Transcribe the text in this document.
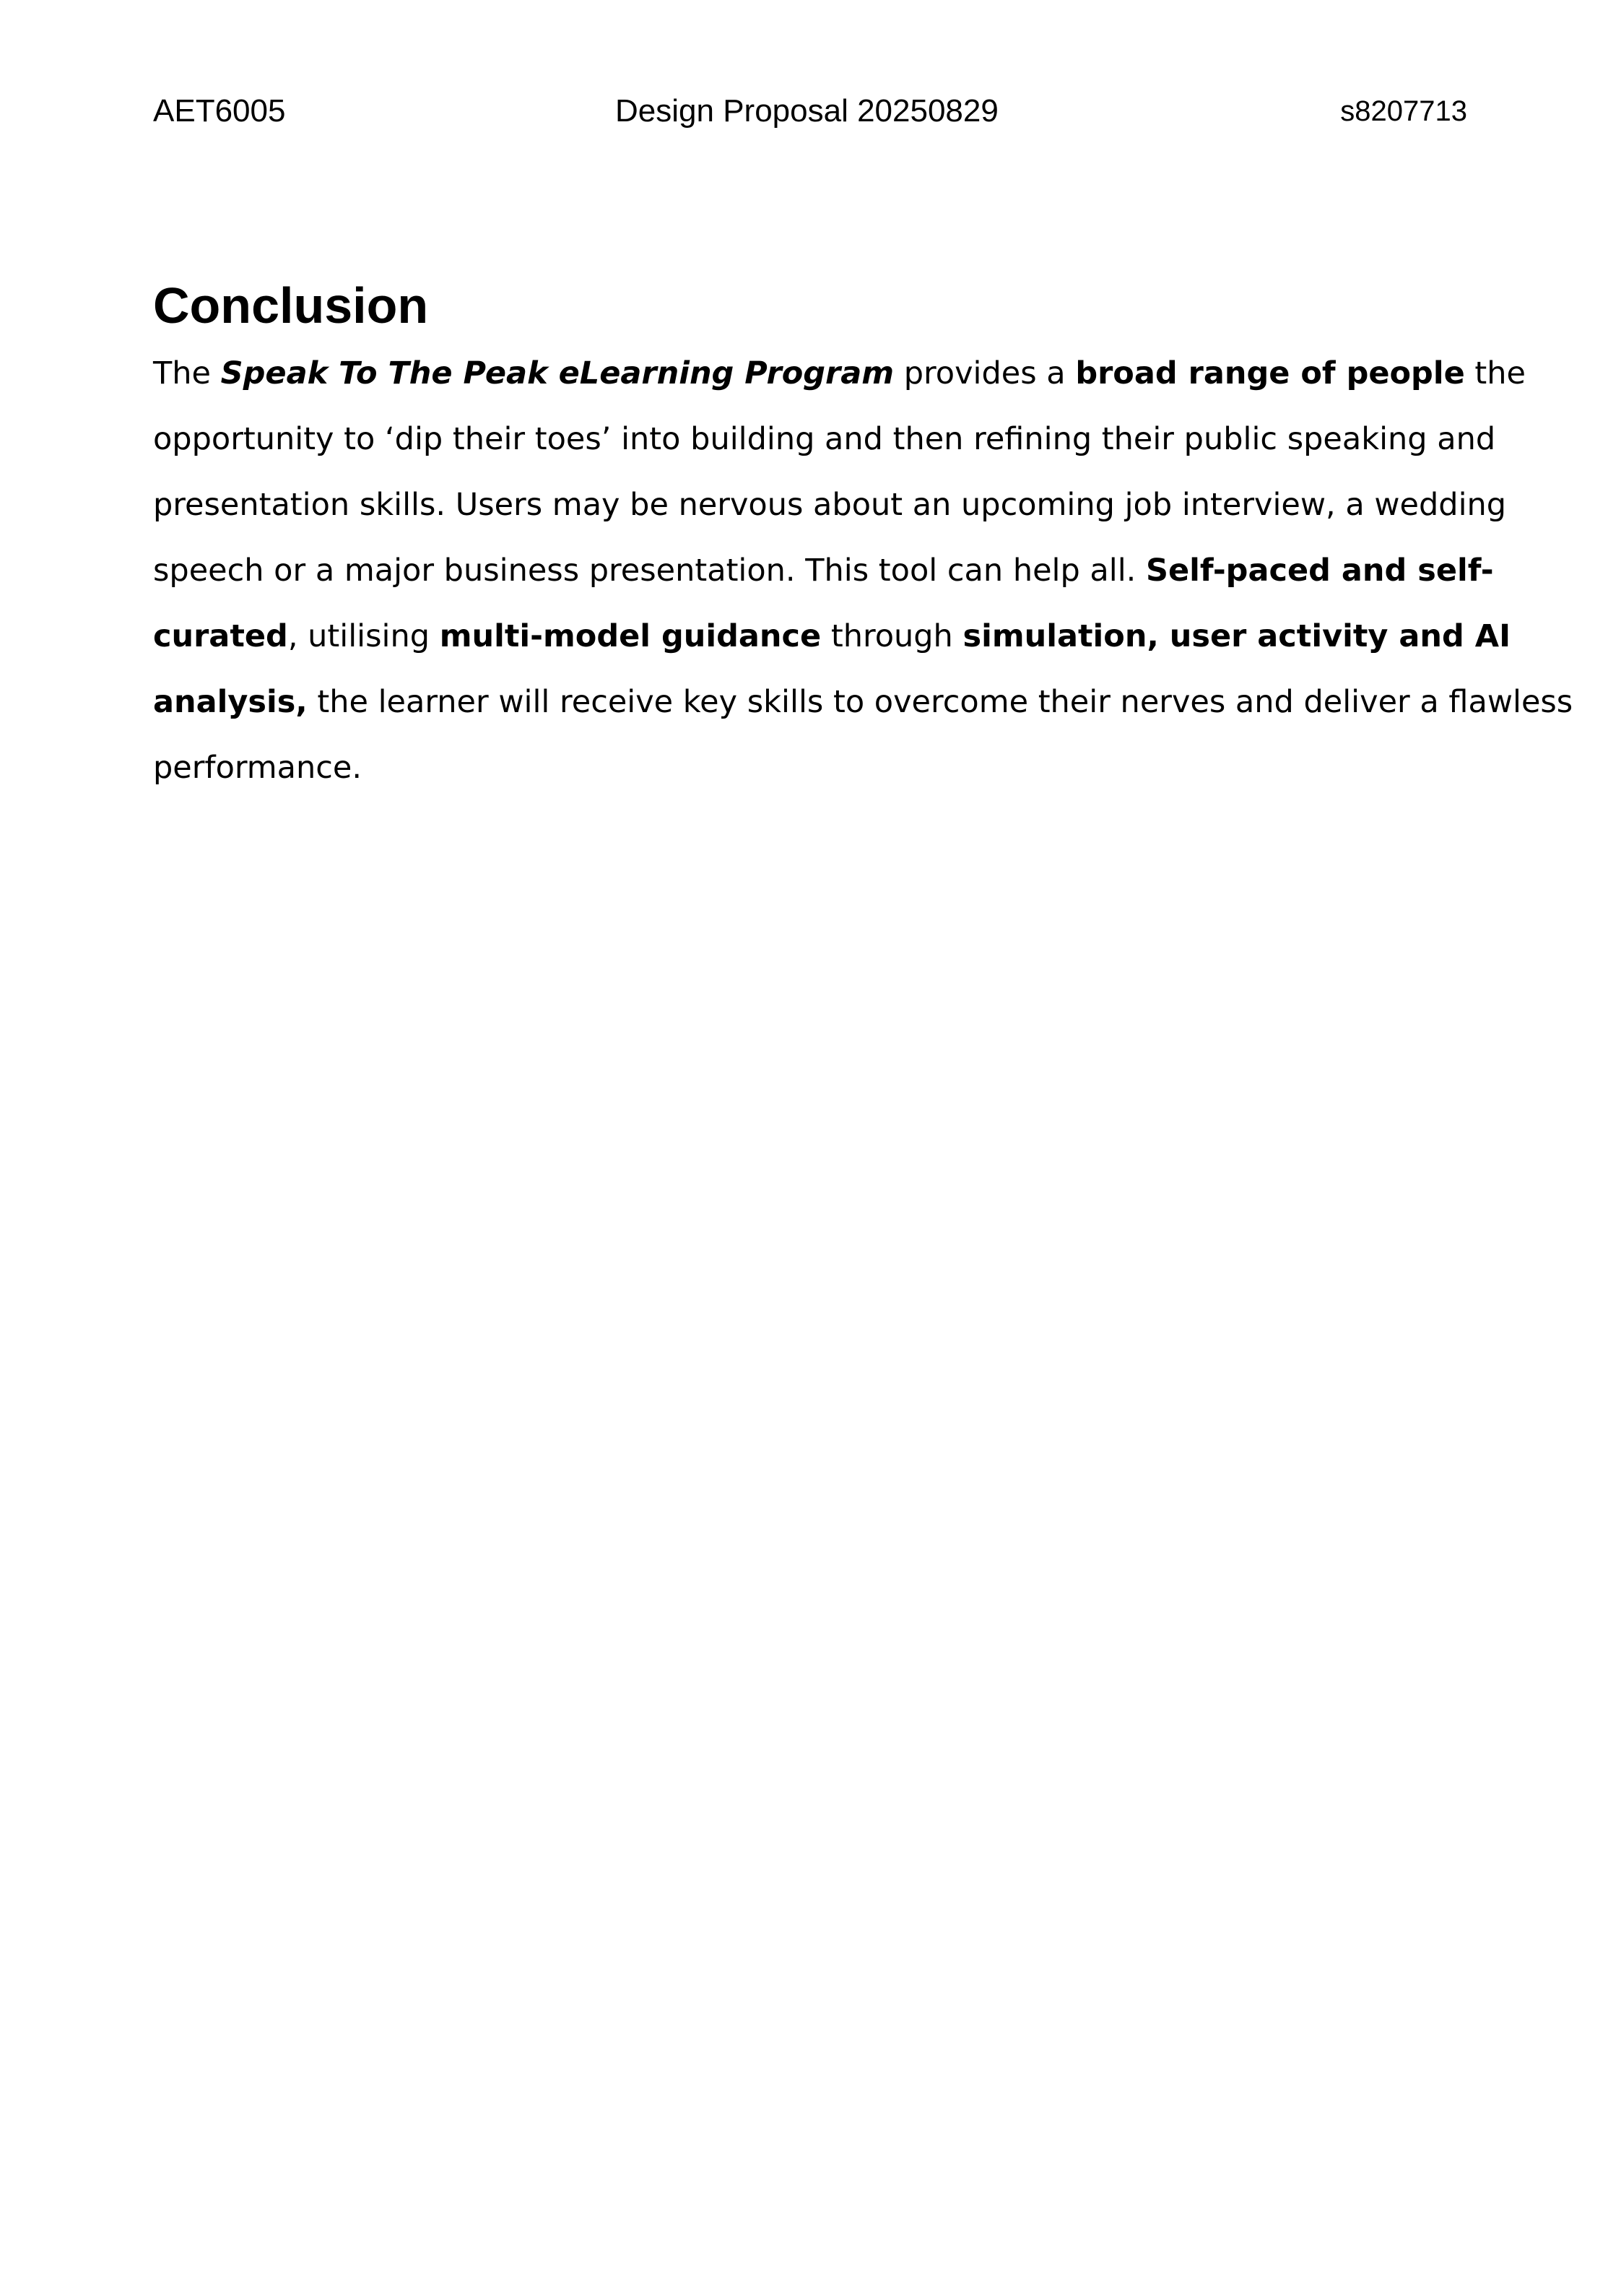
AET6005	Design Proposal 20250829	s8207713
Conclusion

The Speak To The Peak eLearning Program provides a broad range of people the
opportunity to ‘dip their toes’ into building and then refining their public speaking and
presentation skills. Users may be nervous about an upcoming job interview, a wedding
speech or a major business presentation. This tool can help all. Self-paced and self-
curated, utilising multi-model guidance through simulation, user activity and AI
analysis, the learner will receive key skills to overcome their nerves and deliver a flawless
performance.
